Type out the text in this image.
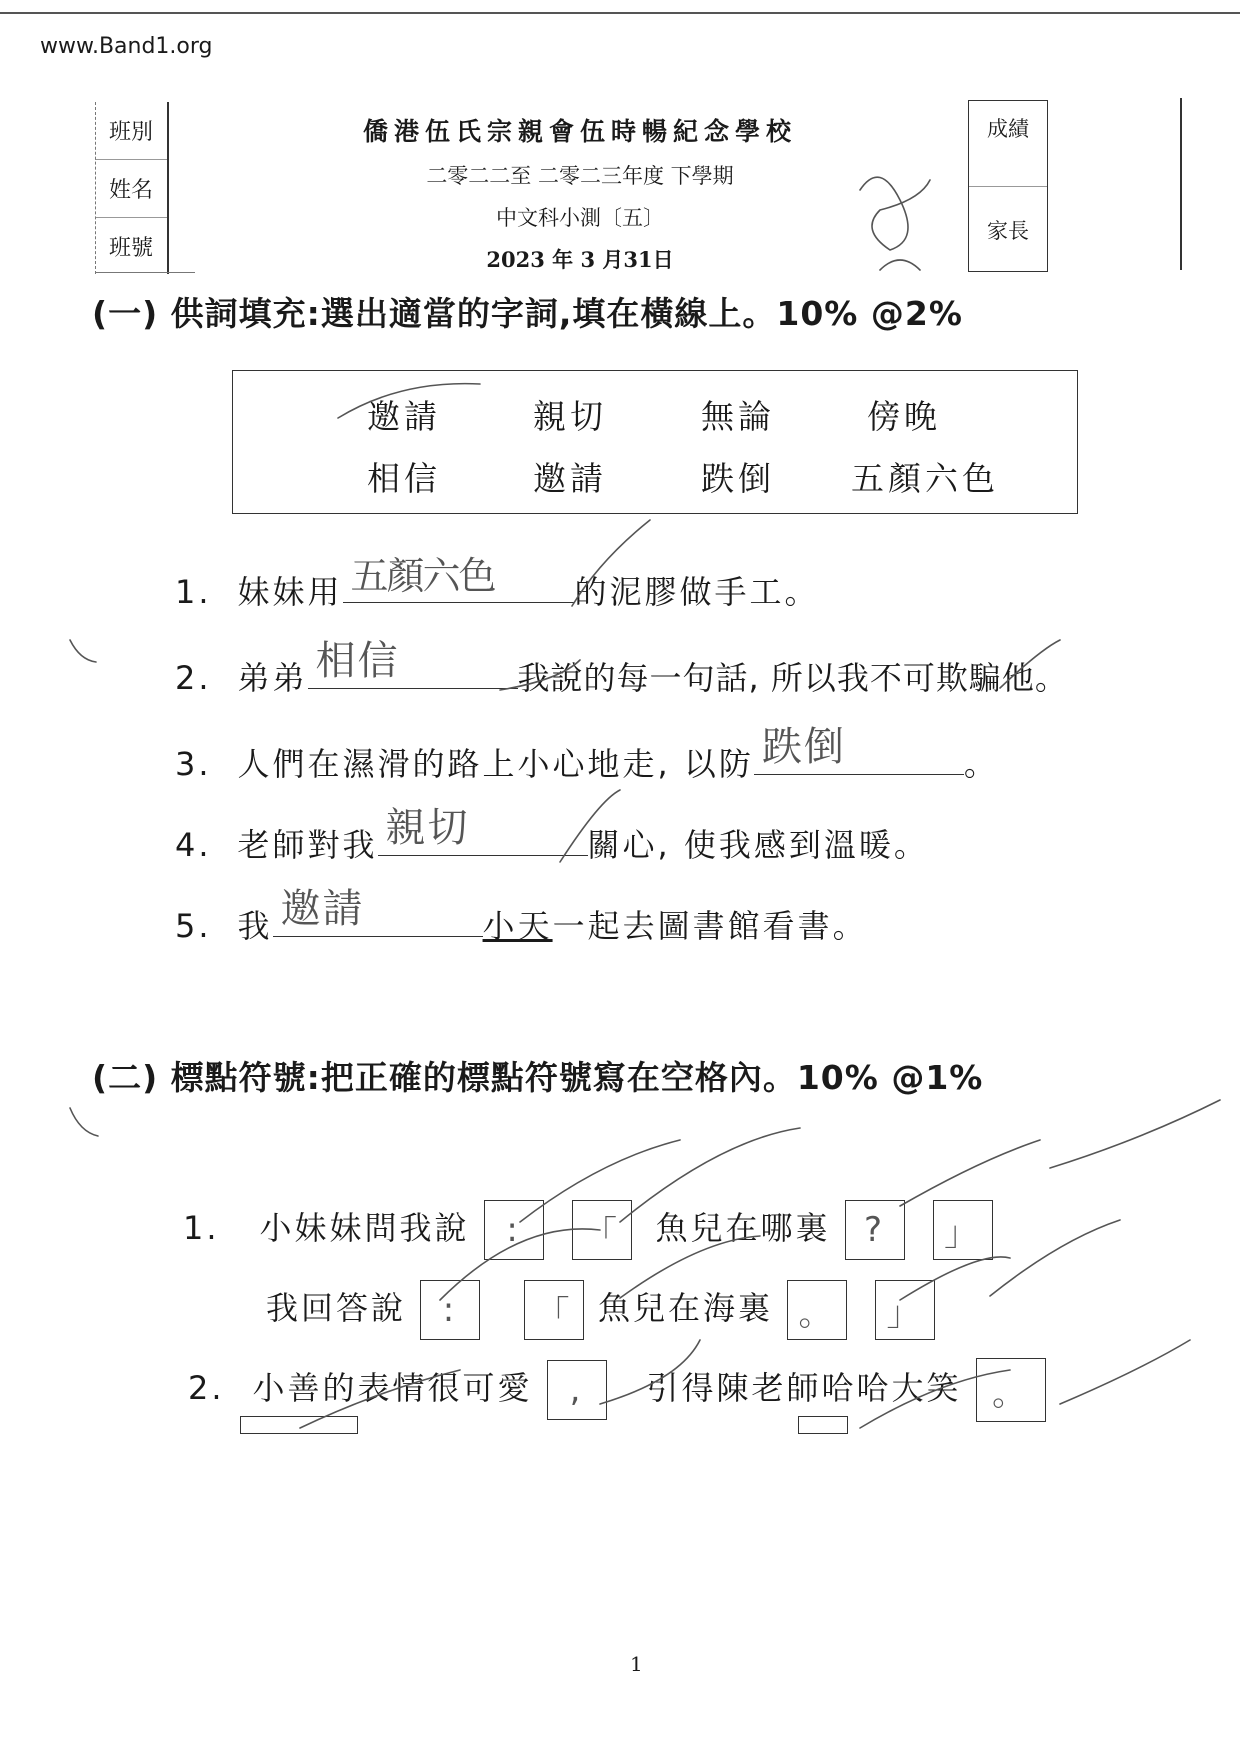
www.Band1.org
班別
姓名
班號
僑港伍氏宗親會伍時暢紀念學校
二零二二至 二零二三年度 下學期
中文科小測〔五〕
2023 年 3 月31日
成績
家長
(一) 供詞填充:選出適當的字詞,填在橫線上。10% @2%
邀請	親切	無論	傍晚
相信	邀請	跌倒 五顏六色
1. 妹妹用 五顏六色 的泥膠做手工。
2. 弟弟 相信	我說的每一句話, 所以我不可欺騙他。
3. 人們在濕滑的路上小心地走, 以防 跌倒	。
4. 老師對我 親切	關心, 使我感到溫暖。
5. 我 邀請	小天一起去圖書館看書。
(二) 標點符號:把正確的標點符號寫在空格內。10% @1%
1. 小妹妹問我說	:	「	魚兒在哪裏 ?	」
我回答說	:	「 魚兒在海裏 。	」
2. 小善的表情很可愛	,	引得陳老師哈哈大笑 。
1
